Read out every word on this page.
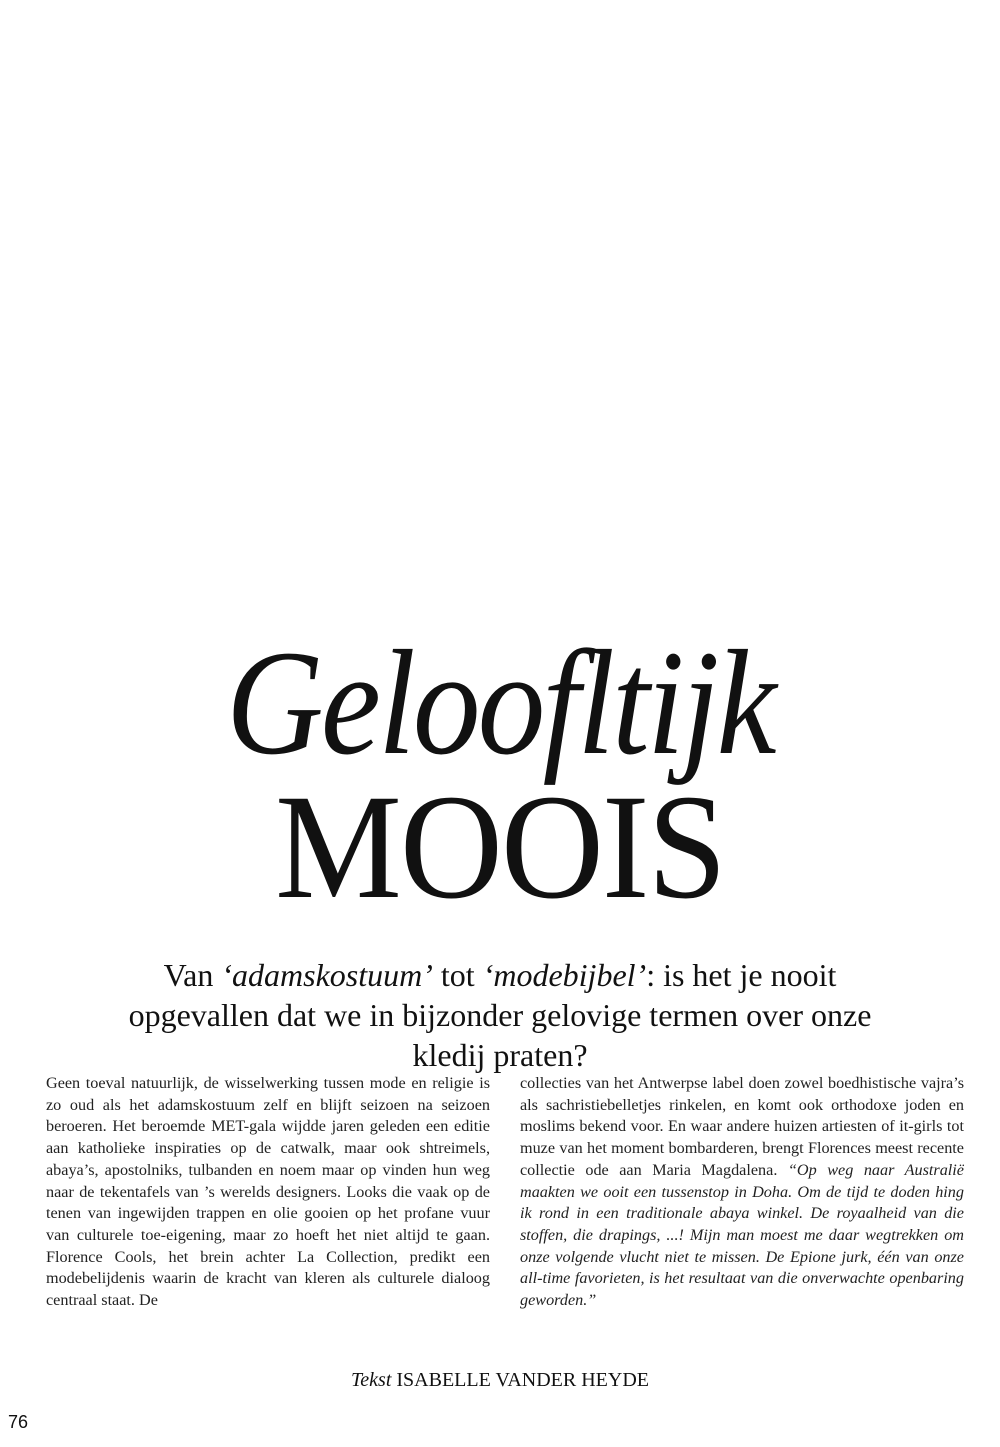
Geloofltijk
MOOIS
Van ‘adamskostuum’ tot ‘modebijbel’: is het je nooit opgevallen dat we in bijzonder gelovige termen over onze kledij praten?
Geen toeval natuurlijk, de wisselwerking tussen mode en religie is zo oud als het adamskostuum zelf en blijft seizoen na seizoen beroeren. Het beroemde MET-gala wijdde jaren geleden een editie aan katholieke inspiraties op de catwalk, maar ook shtreimels, abaya’s, apostolniks, tulbanden en noem maar op vinden hun weg naar de tekentafels van ’s werelds designers. Looks die vaak op de tenen van ingewijden trappen en olie gooien op het profane vuur van culturele toe-eigening, maar zo hoeft het niet altijd te gaan. Florence Cools, het brein achter La Collection, predikt een modebelijdenis waarin de kracht van kleren als culturele dialoog centraal staat. De
collecties van het Antwerpse label doen zowel boedhistische vajra’s als sachristiebelletjes rinkelen, en komt ook orthodoxe joden en moslims bekend voor. En waar andere huizen artiesten of it-girls tot muze van het moment bombarderen, brengt Florences meest recente collectie ode aan Maria Magdalena. “Op weg naar Australië maakten we ooit een tussenstop in Doha. Om de tijd te doden hing ik rond in een traditionale abaya winkel. De royaalheid van die stoffen, die drapings, ...! Mijn man moest me daar wegtrekken om onze volgende vlucht niet te missen. De Epione jurk, één van onze all-time favorieten, is het resultaat van die onverwachte openbaring geworden.”
Tekst ISABELLE VANDER HEYDE
76
